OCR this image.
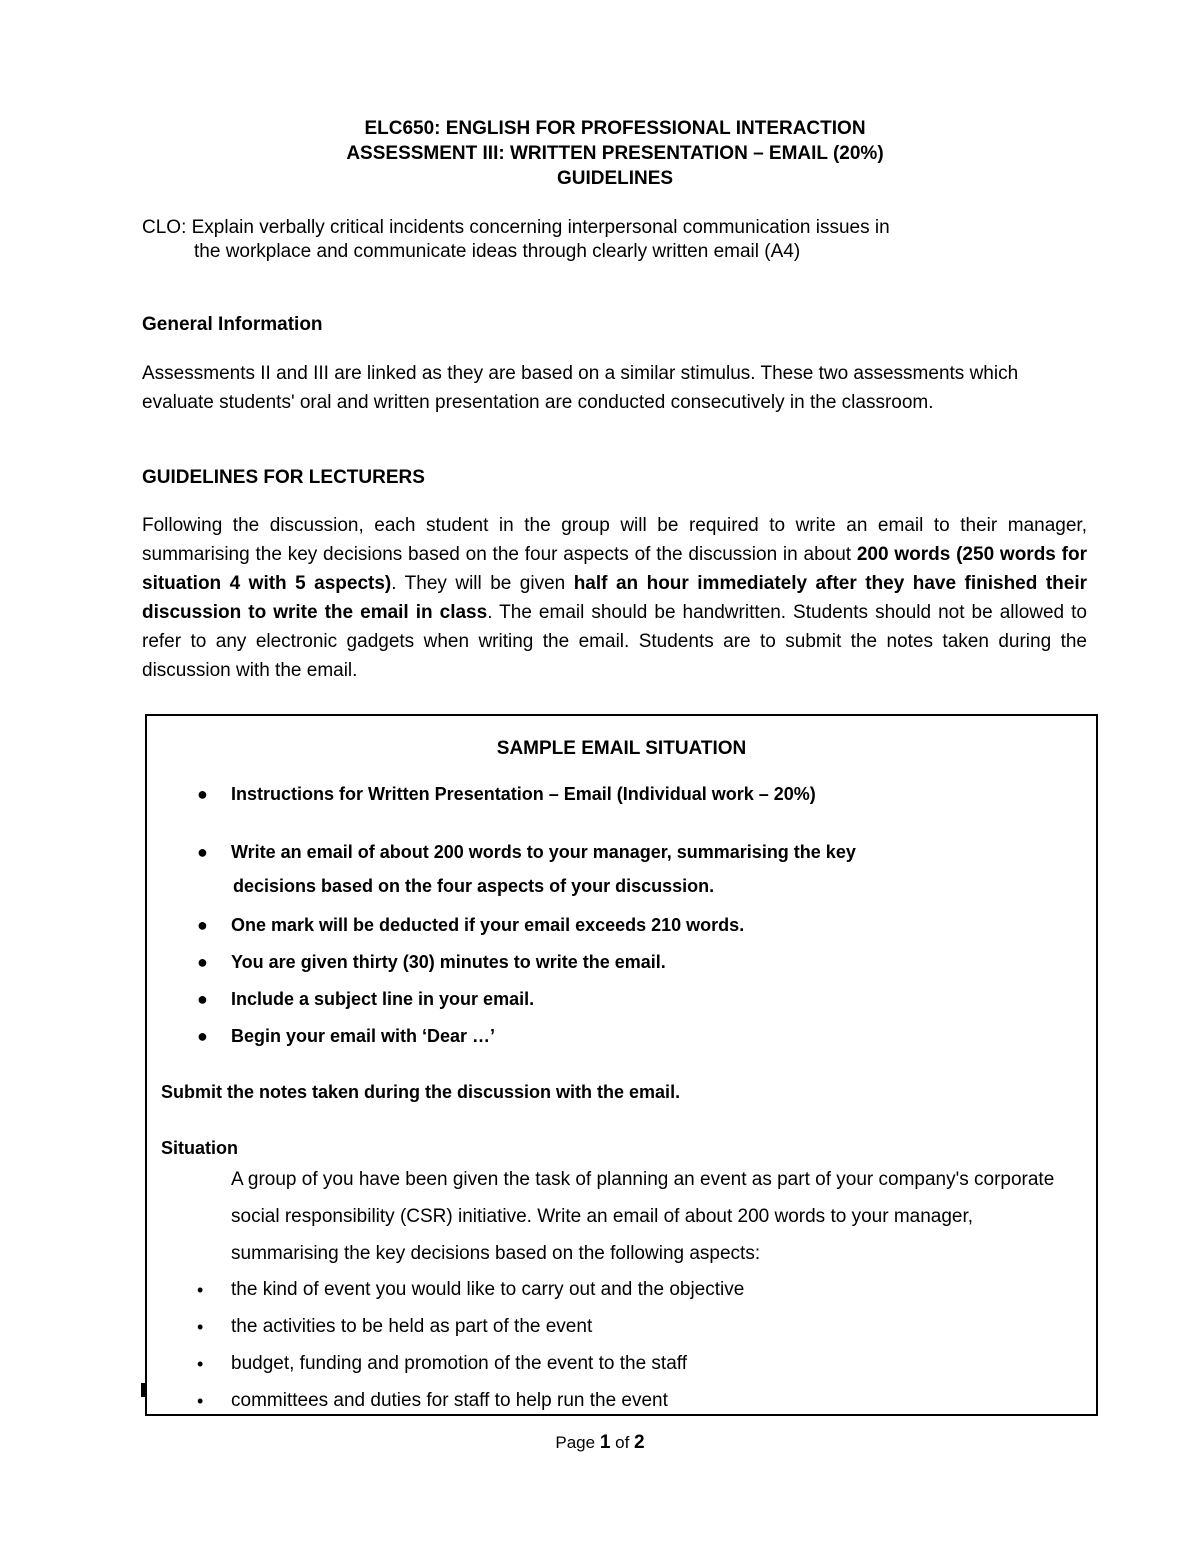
ELC650: ENGLISH FOR PROFESSIONAL INTERACTION
ASSESSMENT III: WRITTEN PRESENTATION – EMAIL (20%)
GUIDELINES
CLO: Explain verbally critical incidents concerning interpersonal communication issues in
the workplace and communicate ideas through clearly written email (A4)
General Information
Assessments II and III are linked as they are based on a similar stimulus. These two assessments which evaluate students' oral and written presentation are conducted consecutively in the classroom.
GUIDELINES FOR LECTURERS
Following the discussion, each student in the group will be required to write an email to their manager, summarising the key decisions based on the four aspects of the discussion in about 200 words (250 words for situation 4 with 5 aspects). They will be given half an hour immediately after they have finished their discussion to write the email in class. The email should be handwritten. Students should not be allowed to refer to any electronic gadgets when writing the email. Students are to submit the notes taken during the discussion with the email.
SAMPLE EMAIL SITUATION
●	Instructions for Written Presentation – Email (Individual work – 20%)
●	Write an email of about 200 words to your manager, summarising the key
decisions based on the four aspects of your discussion.
●	One mark will be deducted if your email exceeds 210 words.
●	You are given thirty (30) minutes to write the email.
●	Include a subject line in your email.
●	Begin your email with ‘Dear …’
Submit the notes taken during the discussion with the email.
Situation
A group of you have been given the task of planning an event as part of your company's corporate social responsibility (CSR) initiative. Write an email of about 200 words to your manager, summarising the key decisions based on the following aspects:
•	the kind of event you would like to carry out and the objective
•	the activities to be held as part of the event
•	budget, funding and promotion of the event to the staff
•	committees and duties for staff to help run the event
Page 1 of 2
